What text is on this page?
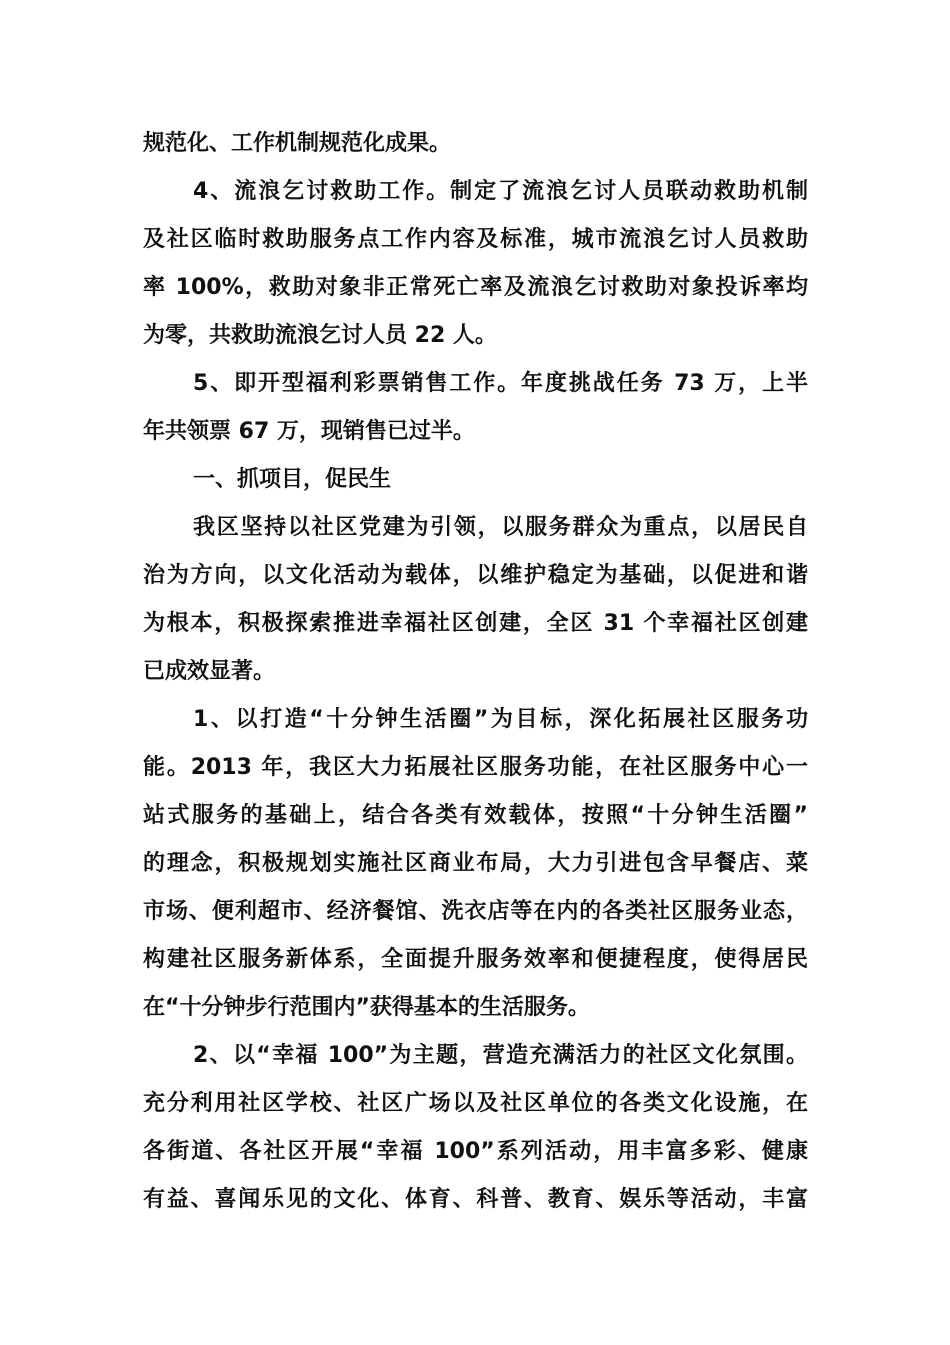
规范化、工作机制规范化成果。
4、流浪乞讨救助工作。制定了流浪乞讨人员联动救助机制
及社区临时救助服务点工作内容及标准，城市流浪乞讨人员救助
率 100%，救助对象非正常死亡率及流浪乞讨救助对象投诉率均
为零，共救助流浪乞讨人员 22 人。
5、即开型福利彩票销售工作。年度挑战任务 73 万，上半
年共领票 67 万，现销售已过半。
一、抓项目，促民生
我区坚持以社区党建为引领，以服务群众为重点，以居民自
治为方向，以文化活动为载体，以维护稳定为基础，以促进和谐
为根本，积极探索推进幸福社区创建，全区 31 个幸福社区创建
已成效显著。
1、以打造“十分钟生活圈”为目标，深化拓展社区服务功
能。2013 年，我区大力拓展社区服务功能，在社区服务中心一
站式服务的基础上，结合各类有效载体，按照“十分钟生活圈”
的理念，积极规划实施社区商业布局，大力引进包含早餐店、菜
市场、便利超市、经济餐馆、洗衣店等在内的各类社区服务业态，
构建社区服务新体系，全面提升服务效率和便捷程度，使得居民
在“十分钟步行范围内”获得基本的生活服务。
2、以“幸福 100”为主题，营造充满活力的社区文化氛围。
充分利用社区学校、社区广场以及社区单位的各类文化设施，在
各街道、各社区开展“幸福 100”系列活动，用丰富多彩、健康
有益、喜闻乐见的文化、体育、科普、教育、娱乐等活动，丰富
